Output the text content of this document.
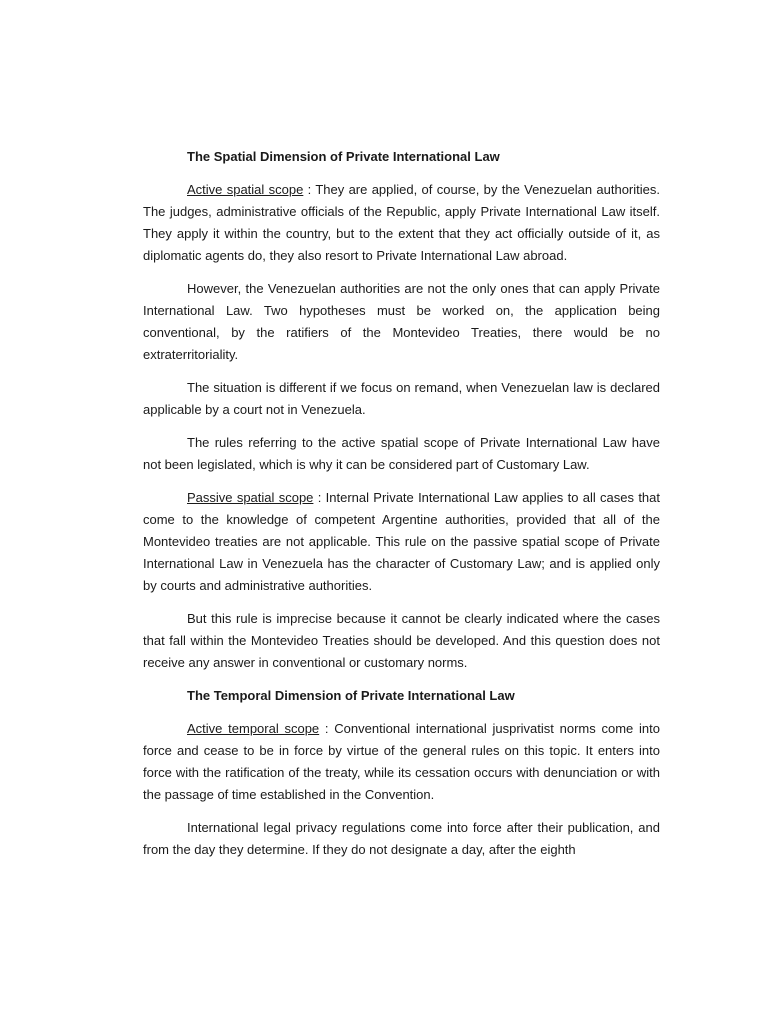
The Spatial Dimension of Private International Law

Active spatial scope : They are applied, of course, by the Venezuelan authorities. The judges, administrative officials of the Republic, apply Private International Law itself. They apply it within the country, but to the extent that they act officially outside of it, as diplomatic agents do, they also resort to Private International Law abroad.

However, the Venezuelan authorities are not the only ones that can apply Private International Law. Two hypotheses must be worked on, the application being conventional, by the ratifiers of the Montevideo Treaties, there would be no extraterritoriality.

The situation is different if we focus on remand, when Venezuelan law is declared applicable by a court not in Venezuela.

The rules referring to the active spatial scope of Private International Law have not been legislated, which is why it can be considered part of Customary Law.

Passive spatial scope : Internal Private International Law applies to all cases that come to the knowledge of competent Argentine authorities, provided that all of the Montevideo treaties are not applicable. This rule on the passive spatial scope of Private International Law in Venezuela has the character of Customary Law; and is applied only by courts and administrative authorities.

But this rule is imprecise because it cannot be clearly indicated where the cases that fall within the Montevideo Treaties should be developed. And this question does not receive any answer in conventional or customary norms.

The Temporal Dimension of Private International Law

Active temporal scope : Conventional international jusprivatist norms come into force and cease to be in force by virtue of the general rules on this topic. It enters into force with the ratification of the treaty, while its cessation occurs with denunciation or with the passage of time established in the Convention.

International legal privacy regulations come into force after their publication, and from the day they determine. If they do not designate a day, after the eighth
